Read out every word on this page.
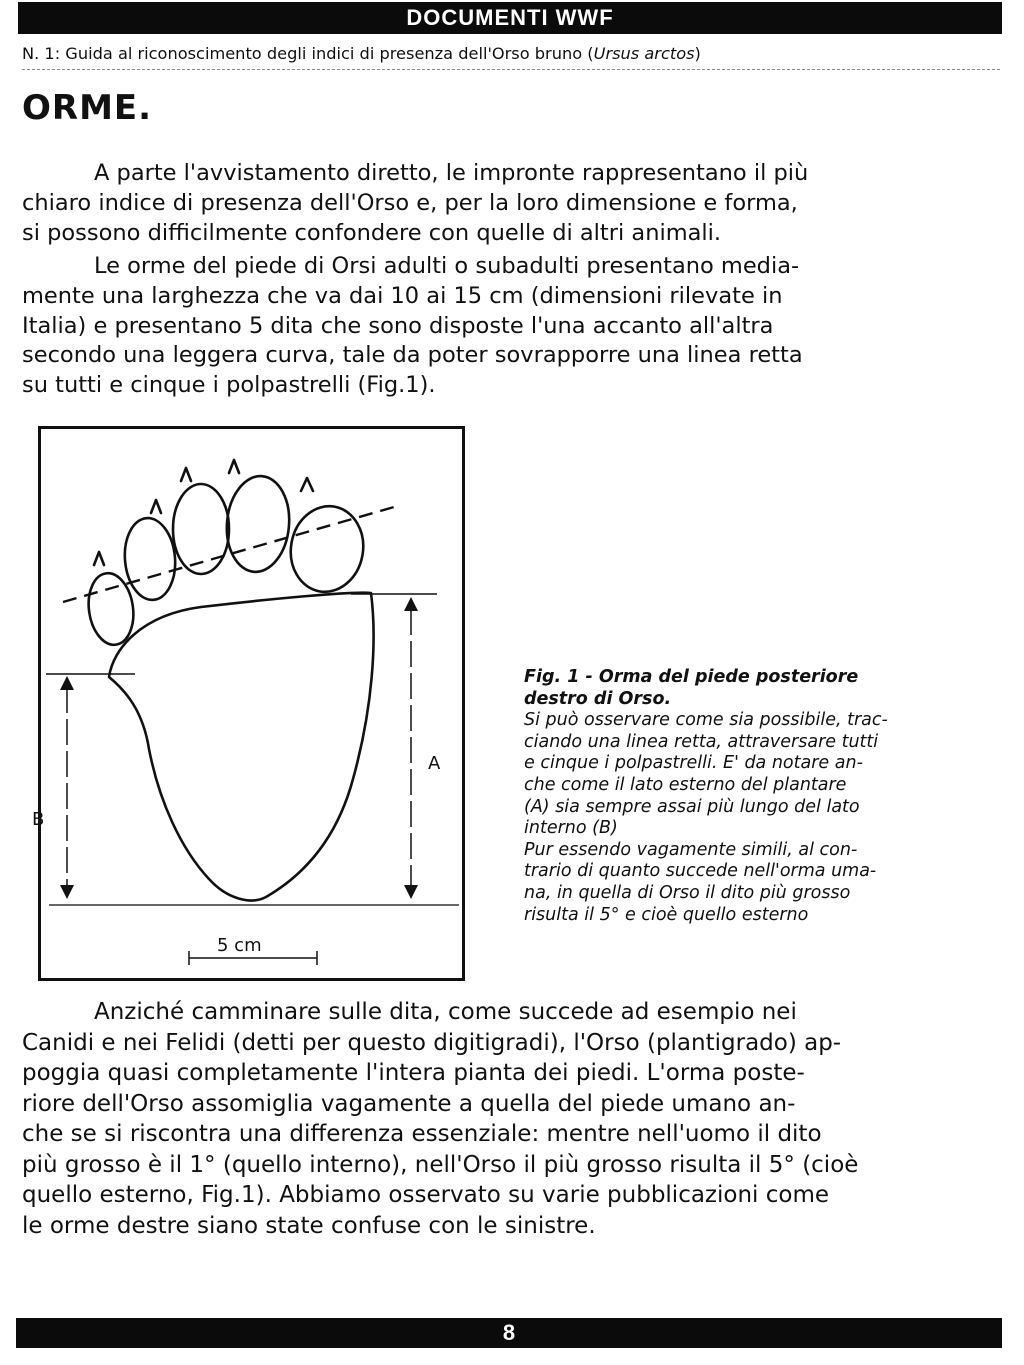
DOCUMENTI WWF
N. 1: Guida al riconoscimento degli indici di presenza dell'Orso bruno (Ursus arctos)
ORME.
A parte l'avvistamento diretto, le impronte rappresentano il più
chiaro indice di presenza dell'Orso e, per la loro dimensione e forma,
si possono difficilmente confondere con quelle di altri animali.
Le orme del piede di Orsi adulti o subadulti presentano media-
mente una larghezza che va dai 10 ai 15 cm (dimensioni rilevate in
Italia) e presentano 5 dita che sono disposte l'una accanto all'altra
secondo una leggera curva, tale da poter sovrapporre una linea retta
su tutti e cinque i polpastrelli (Fig.1).
A
B
5 cm
Fig. 1 - Orma del piede posteriore
destro di Orso.
Si può osservare come sia possibile, trac-
ciando una linea retta, attraversare tutti
e cinque i polpastrelli. E' da notare an-
che come il lato esterno del plantare
(A) sia sempre assai più lungo del lato
interno (B)
Pur essendo vagamente simili, al con-
trario di quanto succede nell'orma uma-
na, in quella di Orso il dito più grosso
risulta il 5° e cioè quello esterno
Anziché camminare sulle dita, come succede ad esempio nei
Canidi e nei Felidi (detti per questo digitigradi), l'Orso (plantigrado) ap-
poggia quasi completamente l'intera pianta dei piedi. L'orma poste-
riore dell'Orso assomiglia vagamente a quella del piede umano an-
che se si riscontra una differenza essenziale: mentre nell'uomo il dito
più grosso è il 1° (quello interno), nell'Orso il più grosso risulta il 5° (cioè
quello esterno, Fig.1). Abbiamo osservato su varie pubblicazioni come
le orme destre siano state confuse con le sinistre.
8
